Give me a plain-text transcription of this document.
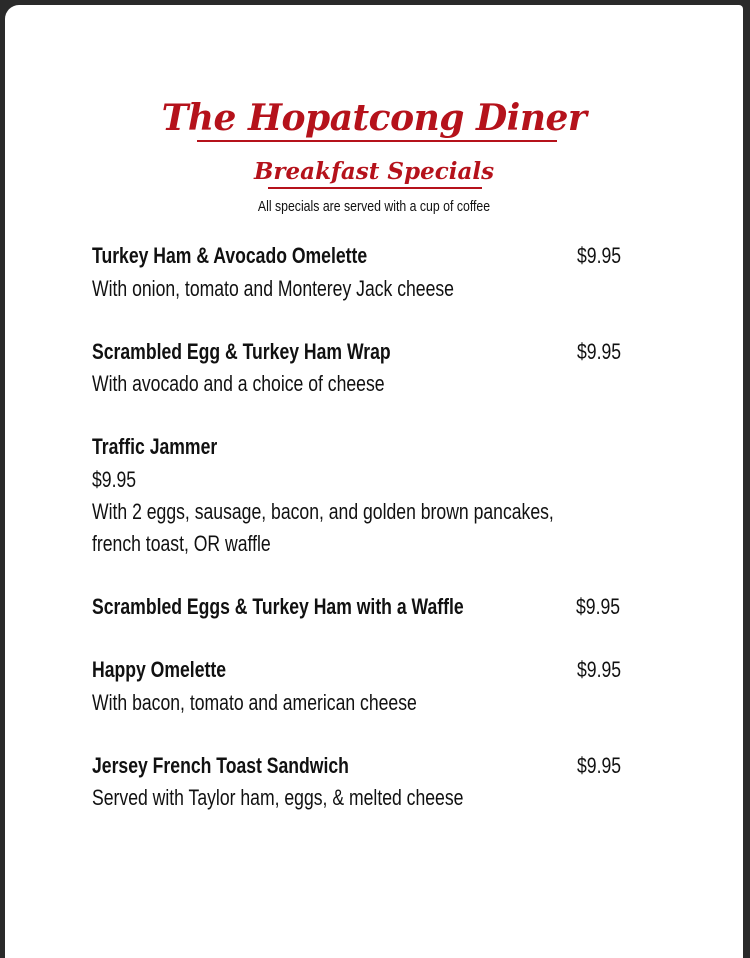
The Hopatcong Diner
Breakfast Specials
All specials are served with a cup of coffee
Turkey Ham & Avocado Omelette	$9.95
With onion, tomato and Monterey Jack cheese
Scrambled Egg & Turkey Ham Wrap	$9.95
With avocado and a choice of cheese
Traffic Jammer
$9.95
With 2 eggs, sausage, bacon, and golden brown pancakes,
french toast, OR waffle
Scrambled Eggs & Turkey Ham with a Waffle	$9.95
Happy Omelette	$9.95
With bacon, tomato and american cheese
Jersey French Toast Sandwich	$9.95
Served with Taylor ham, eggs, & melted cheese
